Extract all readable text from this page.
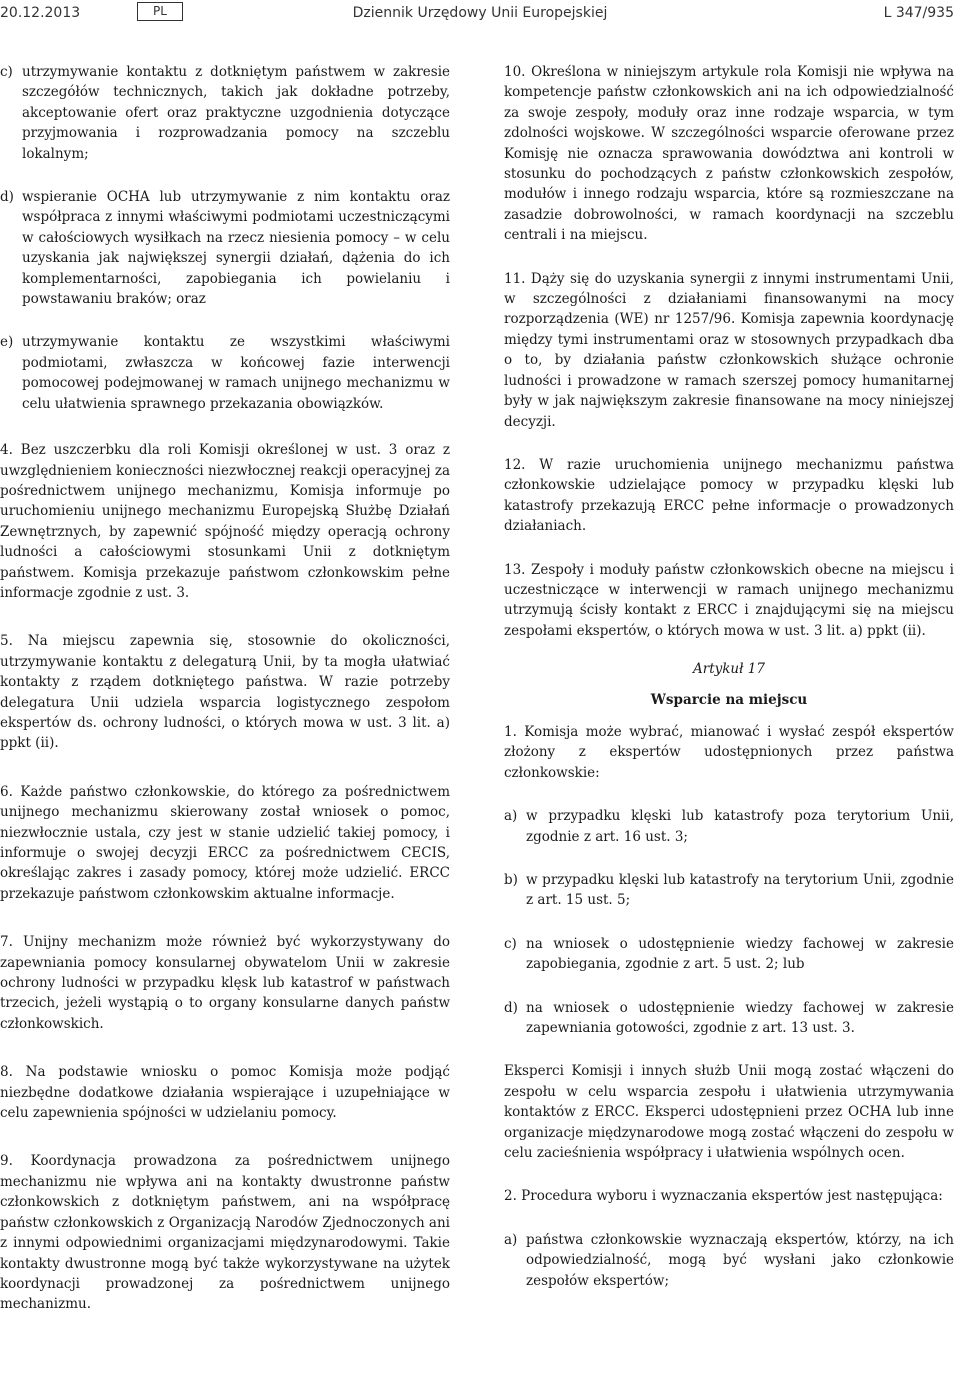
20.12.2013	PL	Dziennik Urzędowy Unii Europejskiej	L 347/935

c) utrzymywanie kontaktu z dotkniętym państwem w zakresie szczegółów technicznych, takich jak dokładne potrzeby, akceptowanie ofert oraz praktyczne uzgodnienia dotyczące przyjmowania i rozprowadzania pomocy na szczeblu lokalnym;

d) wspieranie OCHA lub utrzymywanie z nim kontaktu oraz współpraca z innymi właściwymi podmiotami uczestniczącymi w całościowych wysiłkach na rzecz niesienia pomocy – w celu uzyskania jak największej synergii działań, dążenia do ich komplementarności, zapobiegania ich powielaniu i powstawaniu braków; oraz

e) utrzymywanie kontaktu ze wszystkimi właściwymi podmiotami, zwłaszcza w końcowej fazie interwencji pomocowej podejmowanej w ramach unijnego mechanizmu w celu ułatwienia sprawnego przekazania obowiązków.

4. Bez uszczerbku dla roli Komisji określonej w ust. 3 oraz z uwzględnieniem konieczności niezwłocznej reakcji operacyjnej za pośrednictwem unijnego mechanizmu, Komisja informuje po uruchomieniu unijnego mechanizmu Europejską Służbę Działań Zewnętrznych, by zapewnić spójność między operacją ochrony ludności a całościowymi stosunkami Unii z dotkniętym państwem. Komisja przekazuje państwom członkowskim pełne informacje zgodnie z ust. 3.

5. Na miejscu zapewnia się, stosownie do okoliczności, utrzymywanie kontaktu z delegaturą Unii, by ta mogła ułatwiać kontakty z rządem dotkniętego państwa. W razie potrzeby delegatura Unii udziela wsparcia logistycznego zespołom ekspertów ds. ochrony ludności, o których mowa w ust. 3 lit. a) ppkt (ii).

6. Każde państwo członkowskie, do którego za pośrednictwem unijnego mechanizmu skierowany został wniosek o pomoc, niezwłocznie ustala, czy jest w stanie udzielić takiej pomocy, i informuje o swojej decyzji ERCC za pośrednictwem CECIS, określając zakres i zasady pomocy, której może udzielić. ERCC przekazuje państwom członkowskim aktualne informacje.

7. Unijny mechanizm może również być wykorzystywany do zapewniania pomocy konsularnej obywatelom Unii w zakresie ochrony ludności w przypadku klęsk lub katastrof w państwach trzecich, jeżeli wystąpią o to organy konsularne danych państw członkowskich.

8. Na podstawie wniosku o pomoc Komisja może podjąć niezbędne dodatkowe działania wspierające i uzupełniające w celu zapewnienia spójności w udzielaniu pomocy.

9. Koordynacja prowadzona za pośrednictwem unijnego mechanizmu nie wpływa ani na kontakty dwustronne państw członkowskich z dotkniętym państwem, ani na współpracę państw członkowskich z Organizacją Narodów Zjednoczonych ani z innymi odpowiednimi organizacjami międzynarodowymi. Takie kontakty dwustronne mogą być także wykorzystywane na użytek koordynacji prowadzonej za pośrednictwem unijnego mechanizmu.

10. Określona w niniejszym artykule rola Komisji nie wpływa na kompetencje państw członkowskich ani na ich odpowiedzialność za swoje zespoły, moduły oraz inne rodzaje wsparcia, w tym zdolności wojskowe. W szczególności wsparcie oferowane przez Komisję nie oznacza sprawowania dowództwa ani kontroli w stosunku do pochodzących z państw członkowskich zespołów, modułów i innego rodzaju wsparcia, które są rozmieszczane na zasadzie dobrowolności, w ramach koordynacji na szczeblu centrali i na miejscu.

11. Dąży się do uzyskania synergii z innymi instrumentami Unii, w szczególności z działaniami finansowanymi na mocy rozporządzenia (WE) nr 1257/96. Komisja zapewnia koordynację między tymi instrumentami oraz w stosownych przypadkach dba o to, by działania państw członkowskich służące ochronie ludności i prowadzone w ramach szerszej pomocy humanitarnej były w jak największym zakresie finansowane na mocy niniejszej decyzji.

12. W razie uruchomienia unijnego mechanizmu państwa członkowskie udzielające pomocy w przypadku klęski lub katastrofy przekazują ERCC pełne informacje o prowadzonych działaniach.

13. Zespoły i moduły państw członkowskich obecne na miejscu i uczestniczące w interwencji w ramach unijnego mechanizmu utrzymują ścisły kontakt z ERCC i znajdującymi się na miejscu zespołami ekspertów, o których mowa w ust. 3 lit. a) ppkt (ii).

Artykuł 17
Wsparcie na miejscu

1. Komisja może wybrać, mianować i wysłać zespół ekspertów złożony z ekspertów udostępnionych przez państwa członkowskie:

a) w przypadku klęski lub katastrofy poza terytorium Unii, zgodnie z art. 16 ust. 3;

b) w przypadku klęski lub katastrofy na terytorium Unii, zgodnie z art. 15 ust. 5;

c) na wniosek o udostępnienie wiedzy fachowej w zakresie zapobiegania, zgodnie z art. 5 ust. 2; lub

d) na wniosek o udostępnienie wiedzy fachowej w zakresie zapewniania gotowości, zgodnie z art. 13 ust. 3.

Eksperci Komisji i innych służb Unii mogą zostać włączeni do zespołu w celu wsparcia zespołu i ułatwienia utrzymywania kontaktów z ERCC. Eksperci udostępnieni przez OCHA lub inne organizacje międzynarodowe mogą zostać włączeni do zespołu w celu zacieśnienia współpracy i ułatwienia wspólnych ocen.

2. Procedura wyboru i wyznaczania ekspertów jest następująca:

a) państwa członkowskie wyznaczają ekspertów, którzy, na ich odpowiedzialność, mogą być wysłani jako członkowie zespołów ekspertów;
